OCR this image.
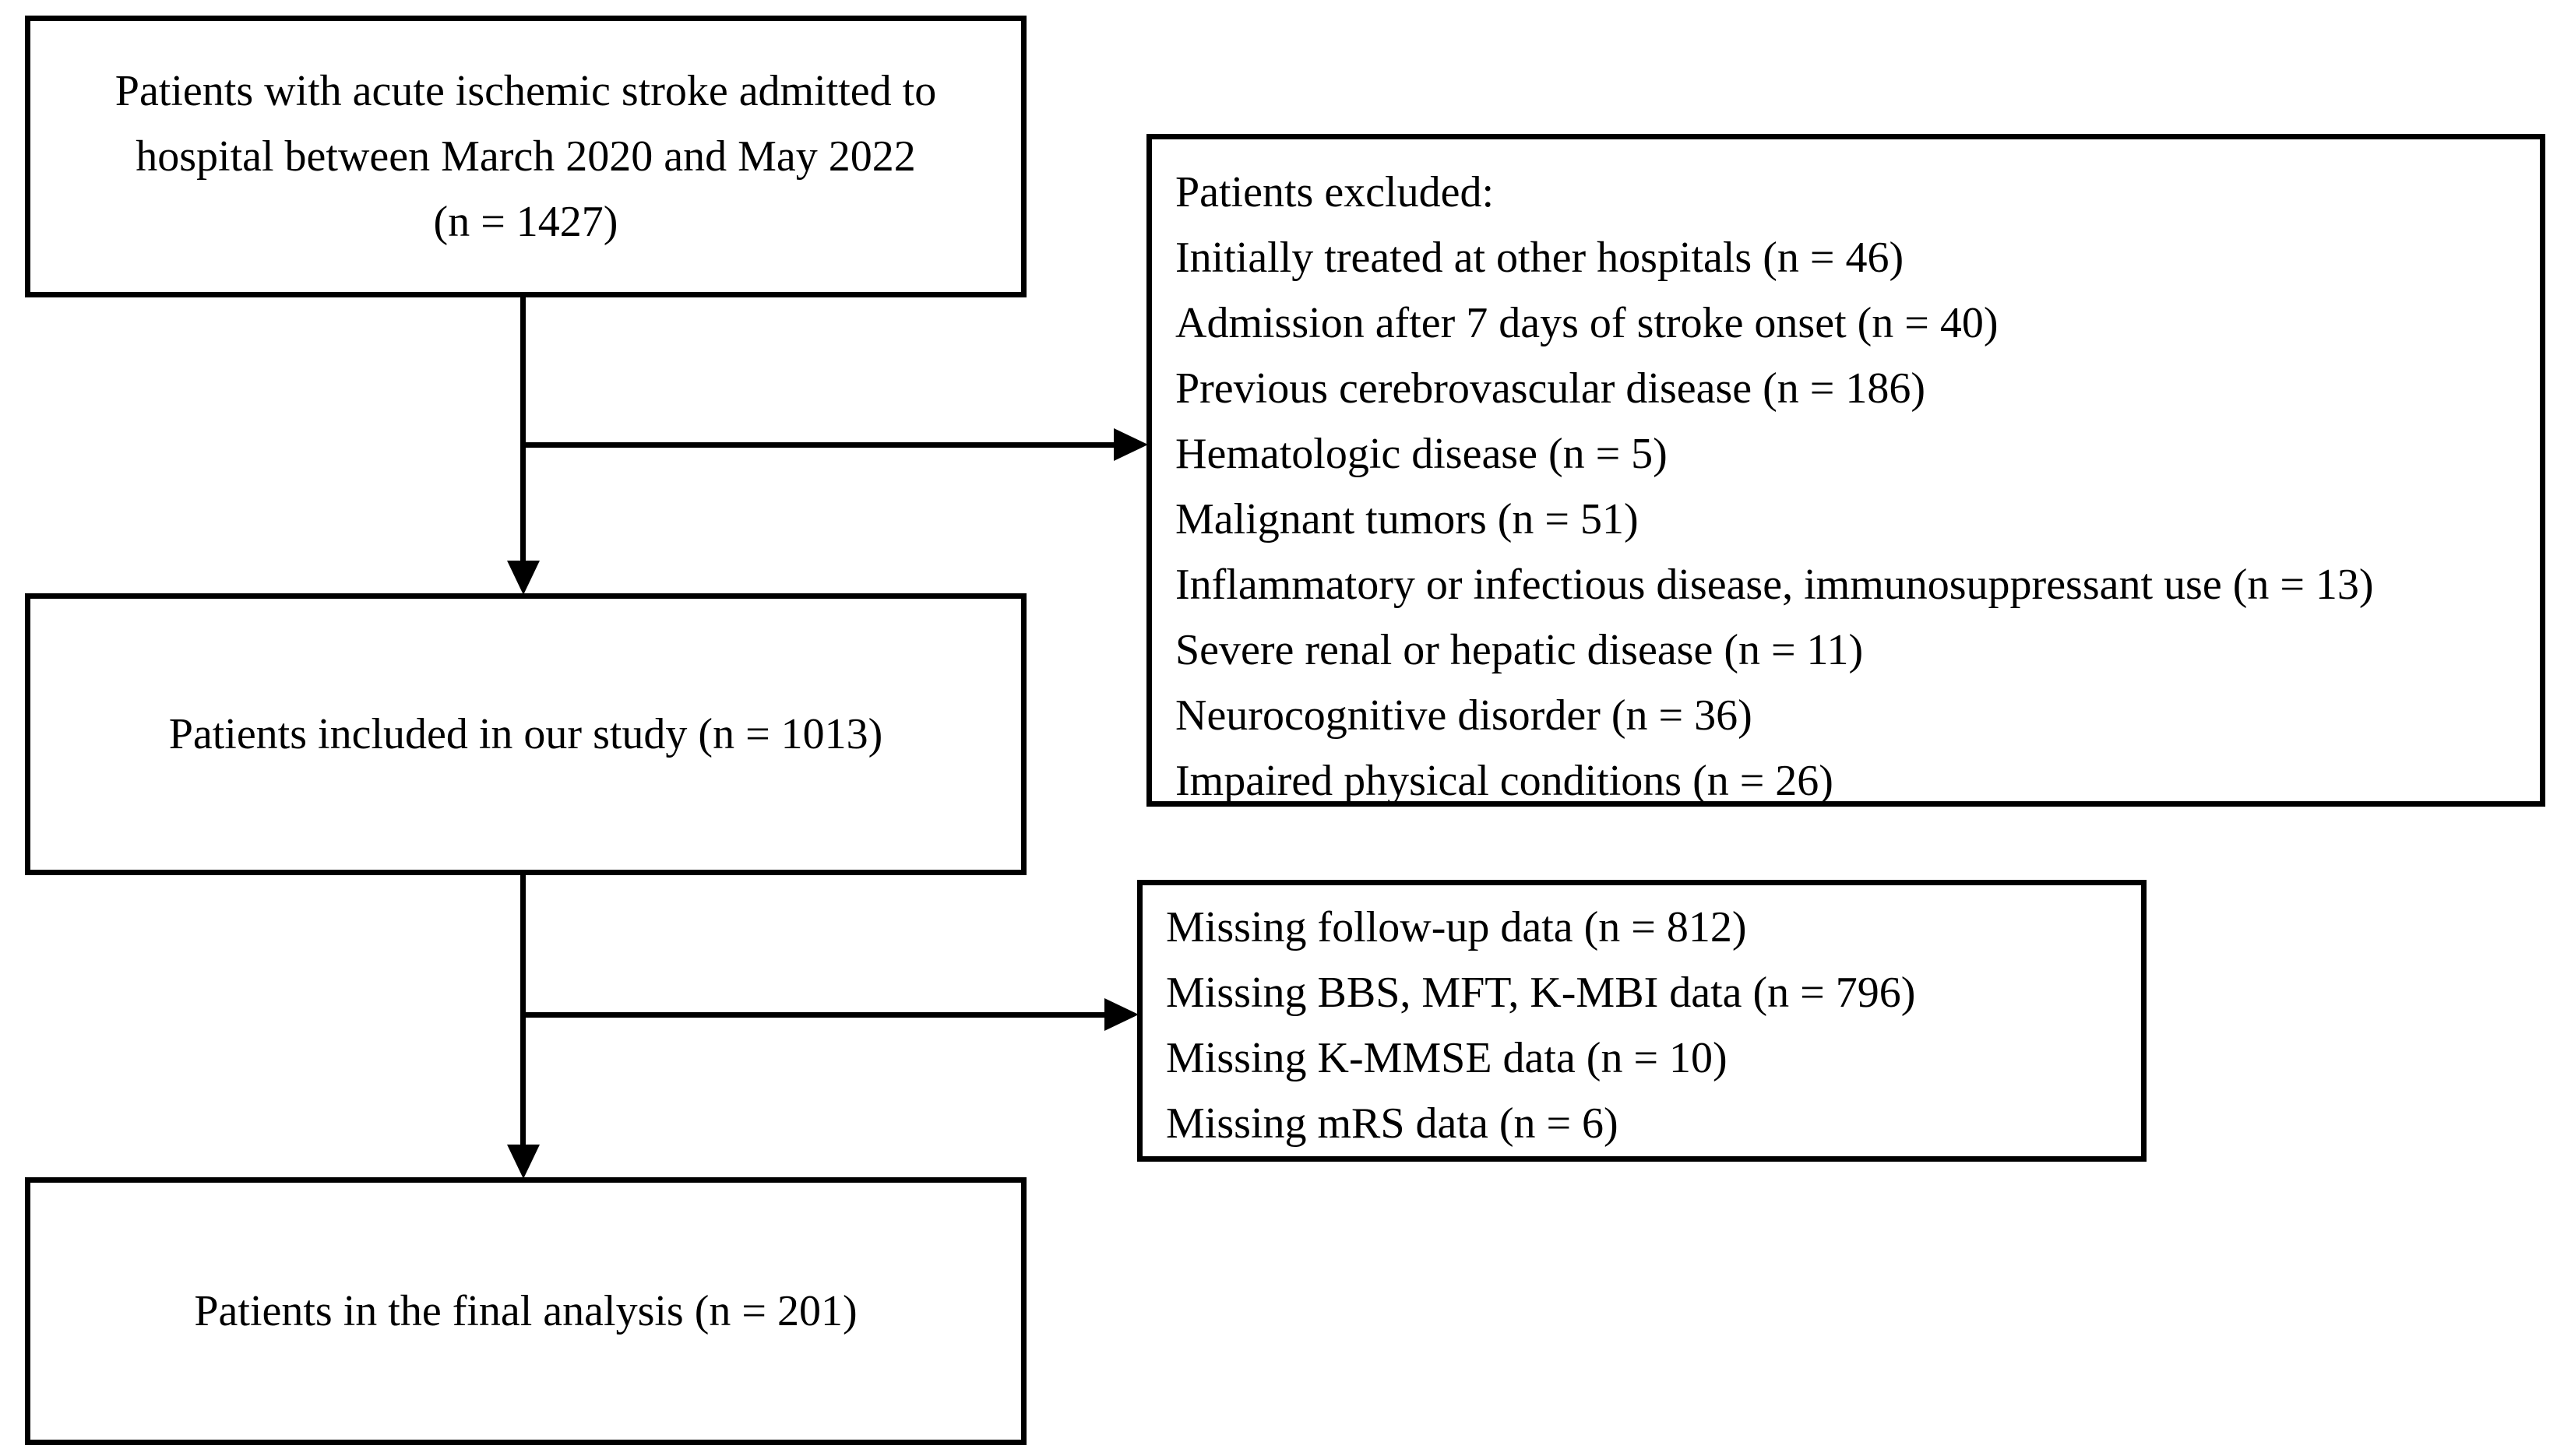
Patients with acute ischemic stroke admitted to
hospital between March 2020 and May 2022
(n = 1427)
Patients excluded:
Initially treated at other hospitals (n = 46)
Admission after 7 days of stroke onset (n = 40)
Previous cerebrovascular disease (n = 186)
Hematologic disease (n = 5)
Malignant tumors (n = 51)
Inflammatory or infectious disease, immunosuppressant use (n = 13)
Severe renal or hepatic disease (n = 11)
Neurocognitive disorder (n = 36)
Impaired physical conditions (n = 26)
Patients included in our study (n = 1013)
Missing follow-up data (n = 812)
Missing BBS, MFT, K-MBI data (n = 796)
Missing K-MMSE data (n = 10)
Missing mRS data (n = 6)
Patients in the final analysis (n = 201)
